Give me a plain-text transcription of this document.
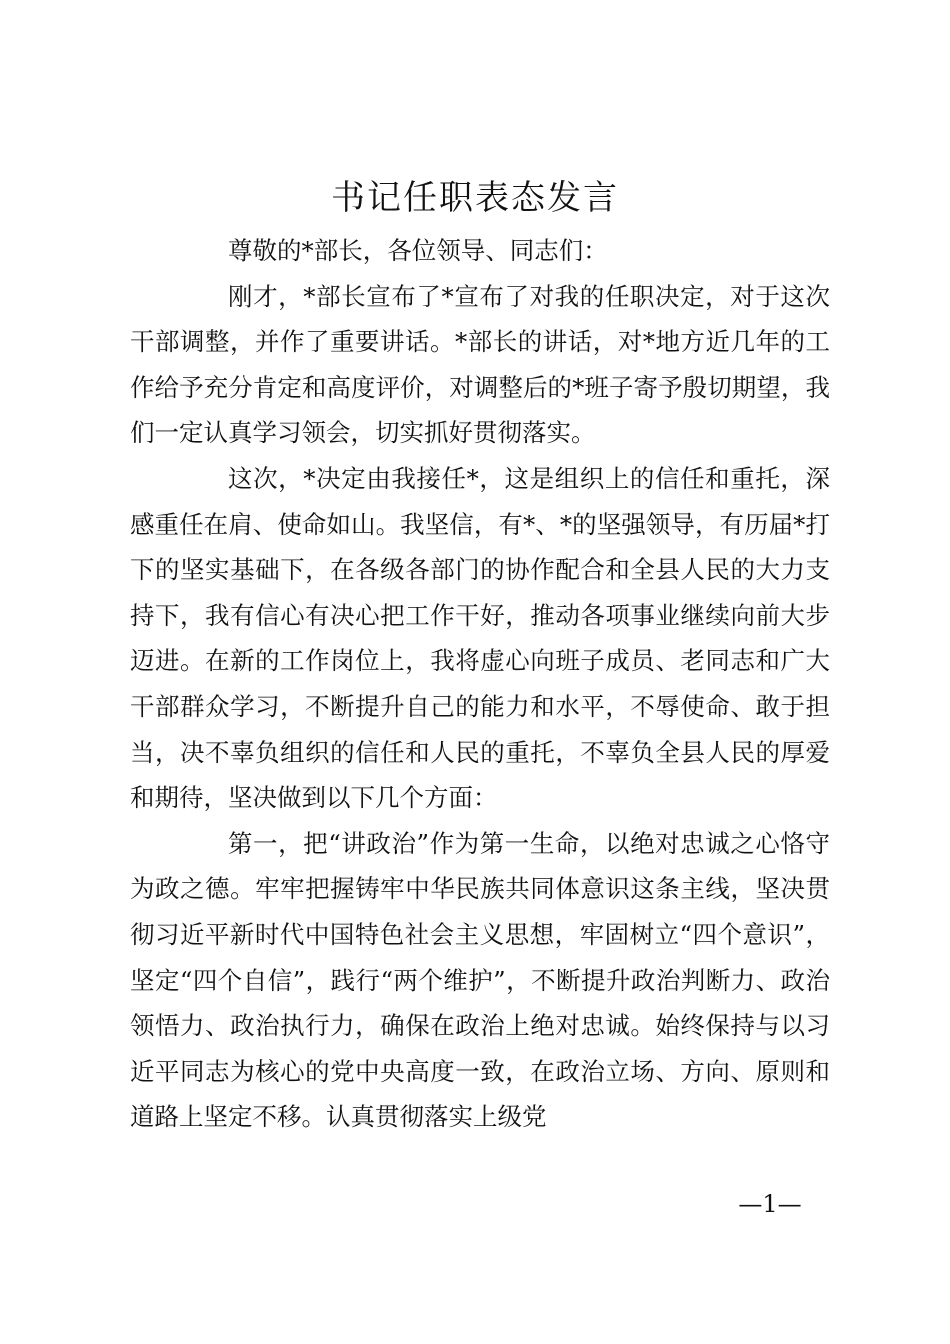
书记任职表态发言

尊敬的*部长，各位领导、同志们：

刚才，*部长宣布了*宣布了对我的任职决定，对于这次干部调整，并作了重要讲话。*部长的讲话，对*地方近几年的工作给予充分肯定和高度评价，对调整后的*班子寄予殷切期望，我们一定认真学习领会，切实抓好贯彻落实。

这次，*决定由我接任*，这是组织上的信任和重托，深感重任在肩、使命如山。我坚信，有*、*的坚强领导，有历届*打下的坚实基础下，在各级各部门的协作配合和全县人民的大力支持下，我有信心有决心把工作干好，推动各项事业继续向前大步迈进。在新的工作岗位上，我将虚心向班子成员、老同志和广大干部群众学习，不断提升自己的能力和水平，不辱使命、敢于担当，决不辜负组织的信任和人民的重托，不辜负全县人民的厚爱和期待，坚决做到以下几个方面：

第一，把“讲政治”作为第一生命，以绝对忠诚之心恪守为政之德。牢牢把握铸牢中华民族共同体意识这条主线，坚决贯彻习近平新时代中国特色社会主义思想，牢固树立“四个意识”，坚定“四个自信”，践行“两个维护”，不断提升政治判断力、政治领悟力、政治执行力，确保在政治上绝对忠诚。始终保持与以习近平同志为核心的党中央高度一致，在政治立场、方向、原则和道路上坚定不移。认真贯彻落实上级党

—1—
